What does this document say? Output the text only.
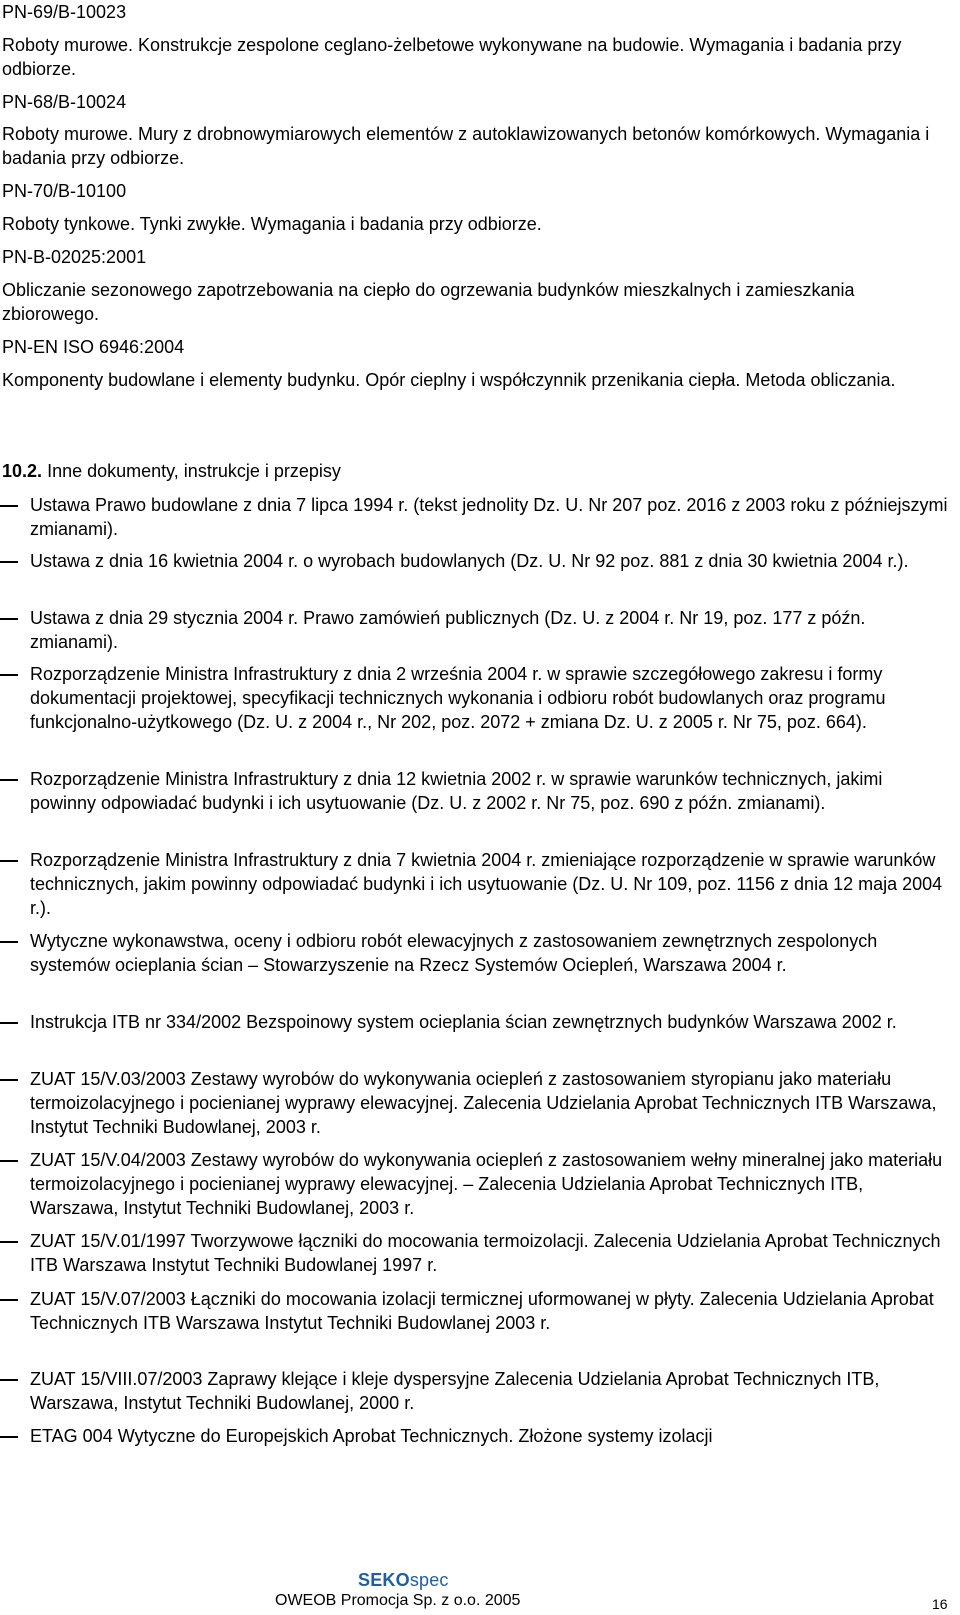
PN-69/B-10023
Roboty murowe. Konstrukcje zespolone ceglano-żelbetowe wykonywane na budowie. Wymagania i badania przy odbiorze.
PN-68/B-10024
Roboty murowe. Mury z drobnowymiarowych elementów z autoklawizowanych betonów komórkowych. Wymagania i badania przy odbiorze.
PN-70/B-10100
Roboty tynkowe. Tynki zwykłe. Wymagania i badania przy odbiorze.
PN-B-02025:2001
Obliczanie sezonowego zapotrzebowania na ciepło do ogrzewania budynków mieszkalnych i zamieszkania zbiorowego.
PN-EN ISO 6946:2004
Komponenty budowlane i elementy budynku. Opór cieplny i współczynnik przenikania ciepła. Metoda obliczania.
10.2. Inne dokumenty, instrukcje i przepisy
Ustawa Prawo budowlane z dnia 7 lipca 1994 r. (tekst jednolity Dz. U. Nr 207 poz. 2016 z 2003 roku z późniejszymi zmianami).
Ustawa z dnia 16 kwietnia 2004 r. o wyrobach budowlanych (Dz. U. Nr 92 poz. 881 z dnia 30 kwietnia 2004 r.).
Ustawa z dnia 29 stycznia 2004 r. Prawo zamówień publicznych (Dz. U. z 2004 r. Nr 19, poz. 177 z późn. zmianami).
Rozporządzenie Ministra Infrastruktury z dnia 2 września 2004 r. w sprawie szczegółowego zakresu i formy dokumentacji projektowej, specyfikacji technicznych wykonania i odbioru robót budowlanych oraz programu funkcjonalno-użytkowego (Dz. U. z 2004 r., Nr 202, poz. 2072 + zmiana Dz. U. z 2005 r. Nr 75, poz. 664).
Rozporządzenie Ministra Infrastruktury z dnia 12 kwietnia 2002 r. w sprawie warunków technicznych, jakimi powinny odpowiadać budynki i ich usytuowanie (Dz. U. z 2002 r. Nr 75, poz. 690 z późn. zmianami).
Rozporządzenie Ministra Infrastruktury z dnia 7 kwietnia 2004 r. zmieniające rozporządzenie w sprawie warunków technicznych, jakim powinny odpowiadać budynki i ich usytuowanie (Dz. U. Nr 109, poz. 1156 z dnia 12 maja 2004 r.).
Wytyczne wykonawstwa, oceny i odbioru robót elewacyjnych z zastosowaniem zewnętrznych zespolonych systemów ocieplania ścian – Stowarzyszenie na Rzecz Systemów Ociepleń, Warszawa 2004 r.
Instrukcja ITB nr 334/2002 Bezspoinowy system ocieplania ścian zewnętrznych budynków Warszawa 2002 r.
ZUAT 15/V.03/2003 Zestawy wyrobów do wykonywania ociepleń z zastosowaniem styropianu jako materiału termoizolacyjnego i pocienianej wyprawy elewacyjnej. Zalecenia Udzielania Aprobat Technicznych ITB Warszawa, Instytut Techniki Budowlanej, 2003 r.
ZUAT 15/V.04/2003 Zestawy wyrobów do wykonywania ociepleń z zastosowaniem wełny mineralnej jako materiału termoizolacyjnego i pocienianej wyprawy elewacyjnej. – Zalecenia Udzielania Aprobat Technicznych ITB, Warszawa, Instytut Techniki Budowlanej, 2003 r.
ZUAT 15/V.01/1997 Tworzywowe łączniki do mocowania termoizolacji. Zalecenia Udzielania Aprobat Technicznych ITB Warszawa Instytut Techniki Budowlanej 1997 r.
ZUAT 15/V.07/2003 Łączniki do mocowania izolacji termicznej uformowanej w płyty. Zalecenia Udzielania Aprobat Technicznych ITB Warszawa Instytut Techniki Budowlanej 2003 r.
ZUAT 15/VIII.07/2003 Zaprawy klejące i kleje dyspersyjne Zalecenia Udzielania Aprobat Technicznych ITB, Warszawa, Instytut Techniki Budowlanej, 2000 r.
ETAG 004 Wytyczne do Europejskich Aprobat Technicznych. Złożone systemy izolacji
SEKOspec
OWEOB Promocja Sp. z o.o. 2005	16
